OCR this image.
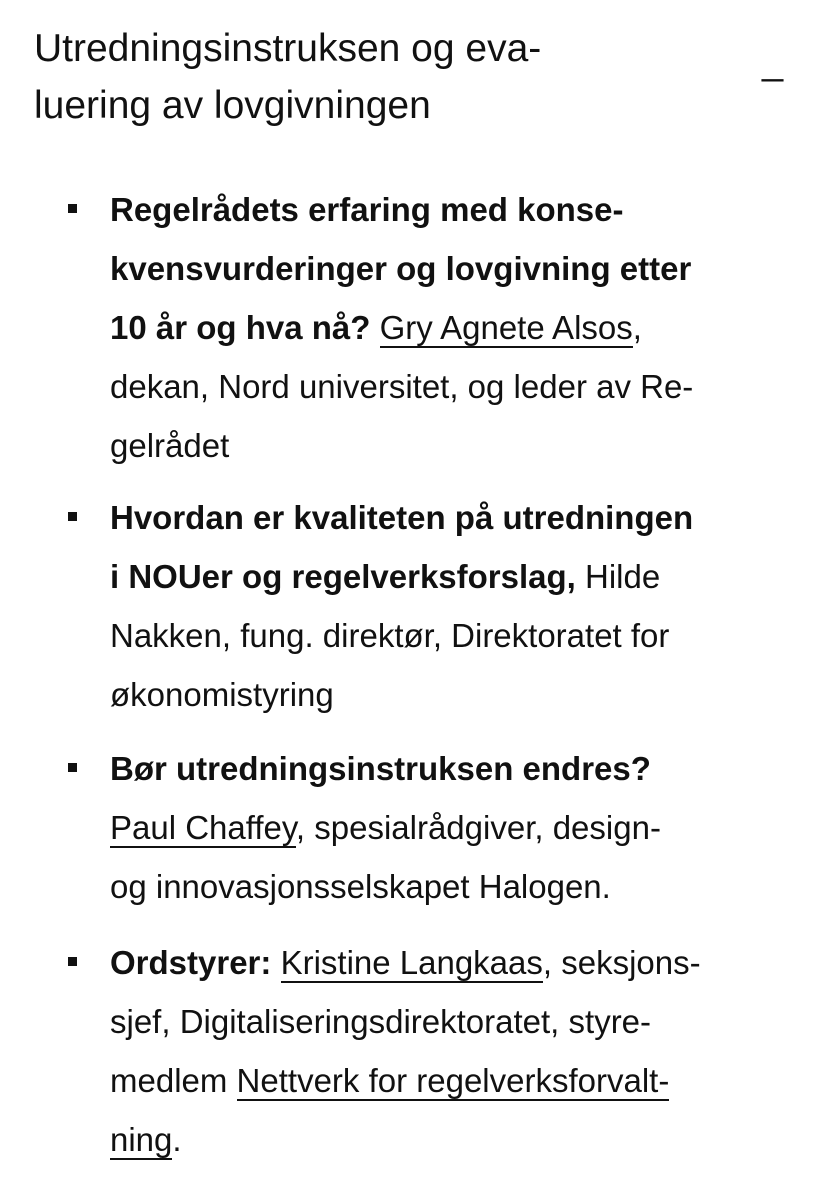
Utredningsinstruksen og eva-
luering av lovgivningen
_
Regelrådets erfaring med konse-
kvensvurderinger og lovgivning etter
10 år og hva nå? Gry Agnete Alsos,
dekan, Nord universitet, og leder av Re-
gelrådet
Hvordan er kvaliteten på utredningen
i NOUer og regelverksforslag, Hilde
Nakken, fung. direktør, Direktoratet for
økonomistyring
Bør utredningsinstruksen endres?
Paul Chaffey, spesialrådgiver, design-
og innovasjonsselskapet Halogen.
Ordstyrer: Kristine Langkaas, seksjons-
sjef, Digitaliseringsdirektoratet, styre-
medlem Nettverk for regelverksforvalt-
ning.
